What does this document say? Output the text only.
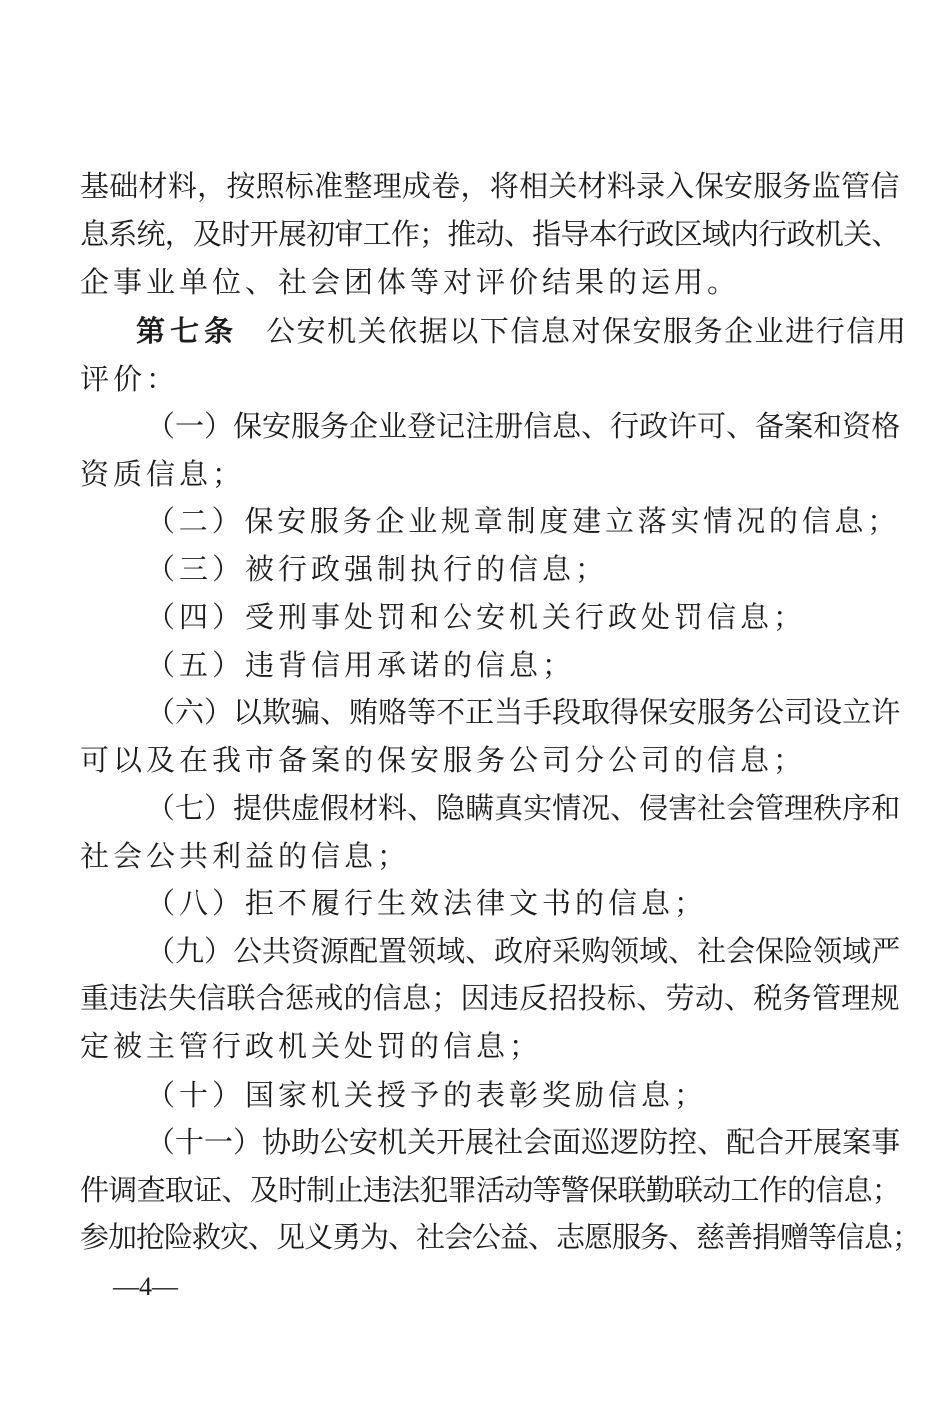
基础材料，按照标准整理成卷，将相关材料录入保安服务监管信
息系统，及时开展初审工作；推动、指导本行政区域内行政机关、
企事业单位、社会团体等对评价结果的运用。
第七条 公安机关依据以下信息对保安服务企业进行信用
评价：
（一）保安服务企业登记注册信息、行政许可、备案和资格
资质信息；
（二）保安服务企业规章制度建立落实情况的信息；
（三）被行政强制执行的信息；
（四）受刑事处罚和公安机关行政处罚信息；
（五）违背信用承诺的信息；
（六）以欺骗、贿赂等不正当手段取得保安服务公司设立许
可以及在我市备案的保安服务公司分公司的信息；
（七）提供虚假材料、隐瞒真实情况、侵害社会管理秩序和
社会公共利益的信息；
（八）拒不履行生效法律文书的信息；
（九）公共资源配置领域、政府采购领域、社会保险领域严
重违法失信联合惩戒的信息；因违反招投标、劳动、税务管理规
定被主管行政机关处罚的信息；
（十）国家机关授予的表彰奖励信息；
（十一）协助公安机关开展社会面巡逻防控、配合开展案事
件调查取证、及时制止违法犯罪活动等警保联勤联动工作的信息；
参加抢险救灾、见义勇为、社会公益、志愿服务、慈善捐赠等信息；
—4—
